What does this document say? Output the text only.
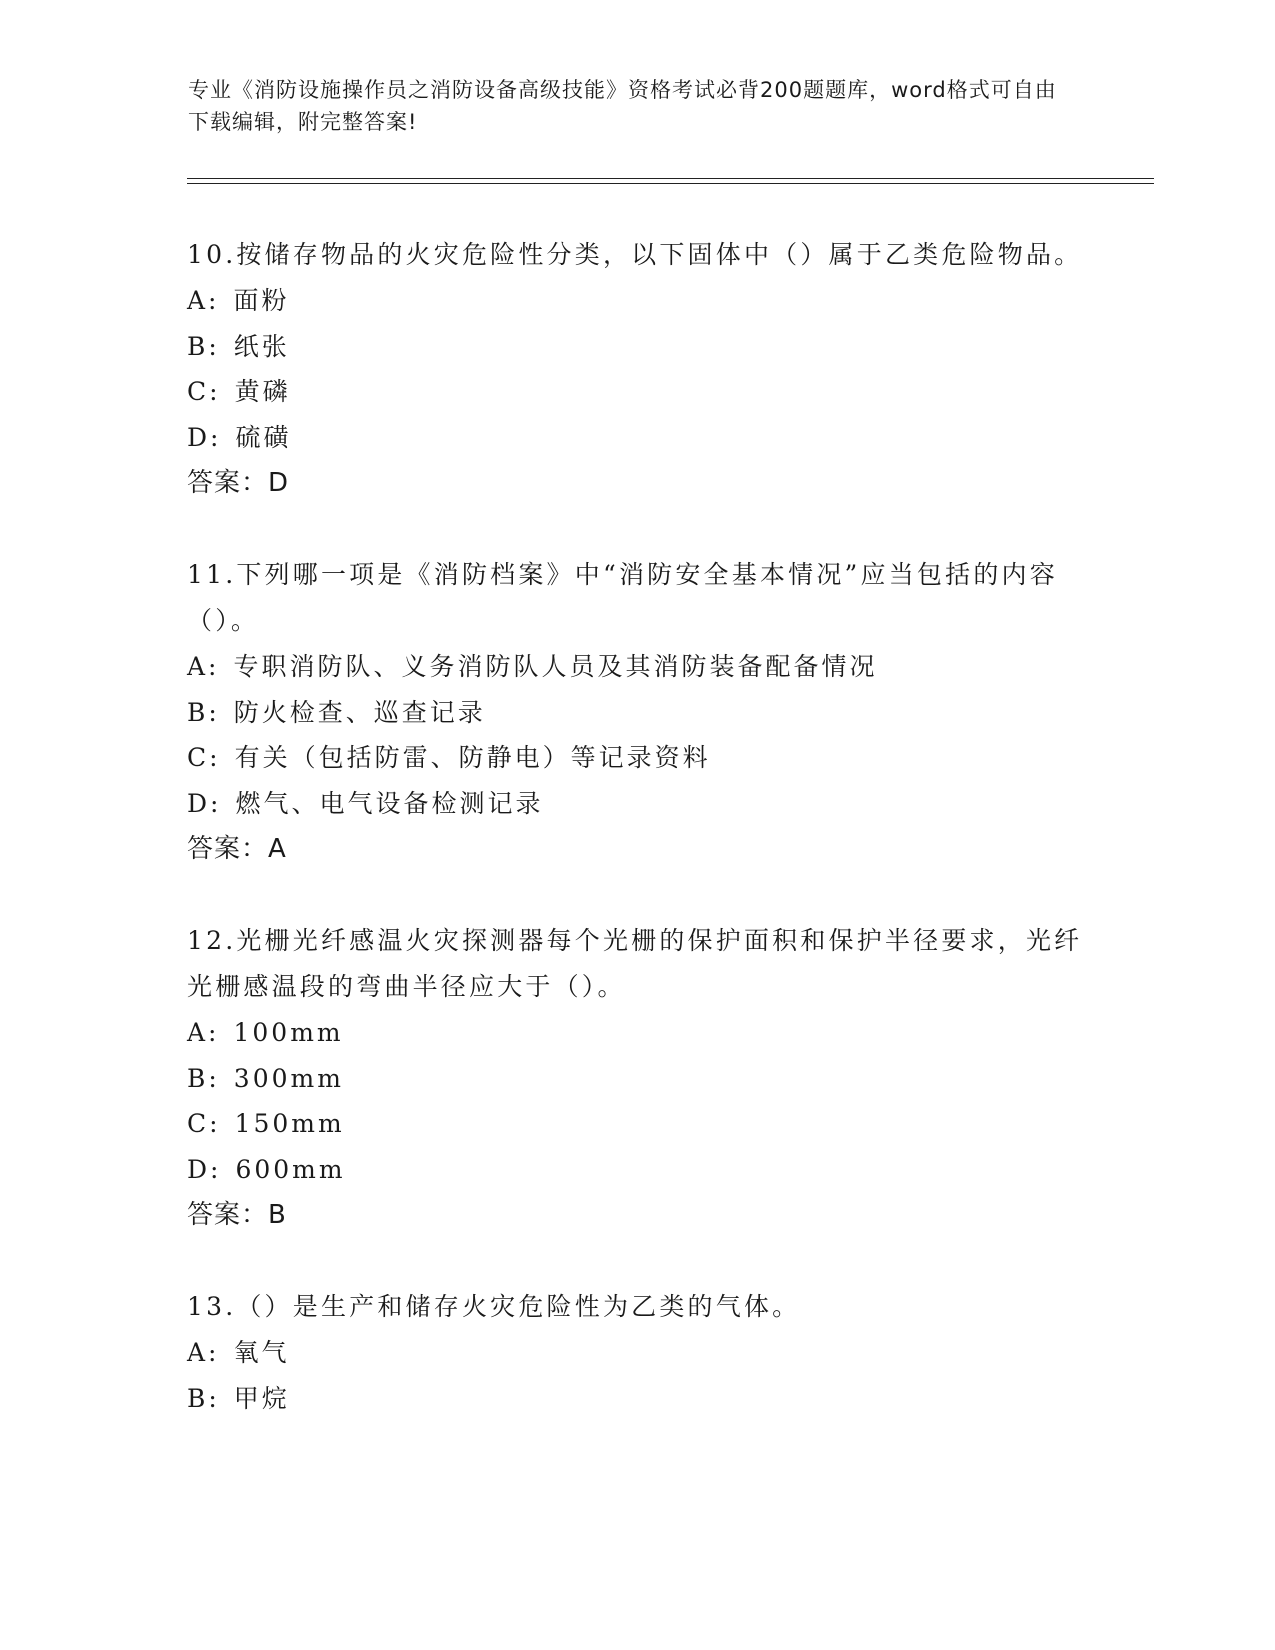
专业《消防设施操作员之消防设备高级技能》资格考试必背200题题库，word格式可自由下载编辑，附完整答案!

10.按储存物品的火灾危险性分类，以下固体中（）属于乙类危险物品。

A: 面粉

B: 纸张

C: 黄磷

D: 硫磺

答案：D

11.下列哪一项是《消防档案》中“消防安全基本情况”应当包括的内容（）。

A: 专职消防队、义务消防队人员及其消防装备配备情况

B: 防火检查、巡查记录

C: 有关（包括防雷、防静电）等记录资料

D: 燃气、电气设备检测记录

答案：A

12.光栅光纤感温火灾探测器每个光栅的保护面积和保护半径要求，光纤光栅感温段的弯曲半径应大于（）。

A: 100mm

B: 300mm

C: 150mm

D: 600mm

答案：B

13.（）是生产和储存火灾危险性为乙类的气体。

A: 氧气

B: 甲烷
